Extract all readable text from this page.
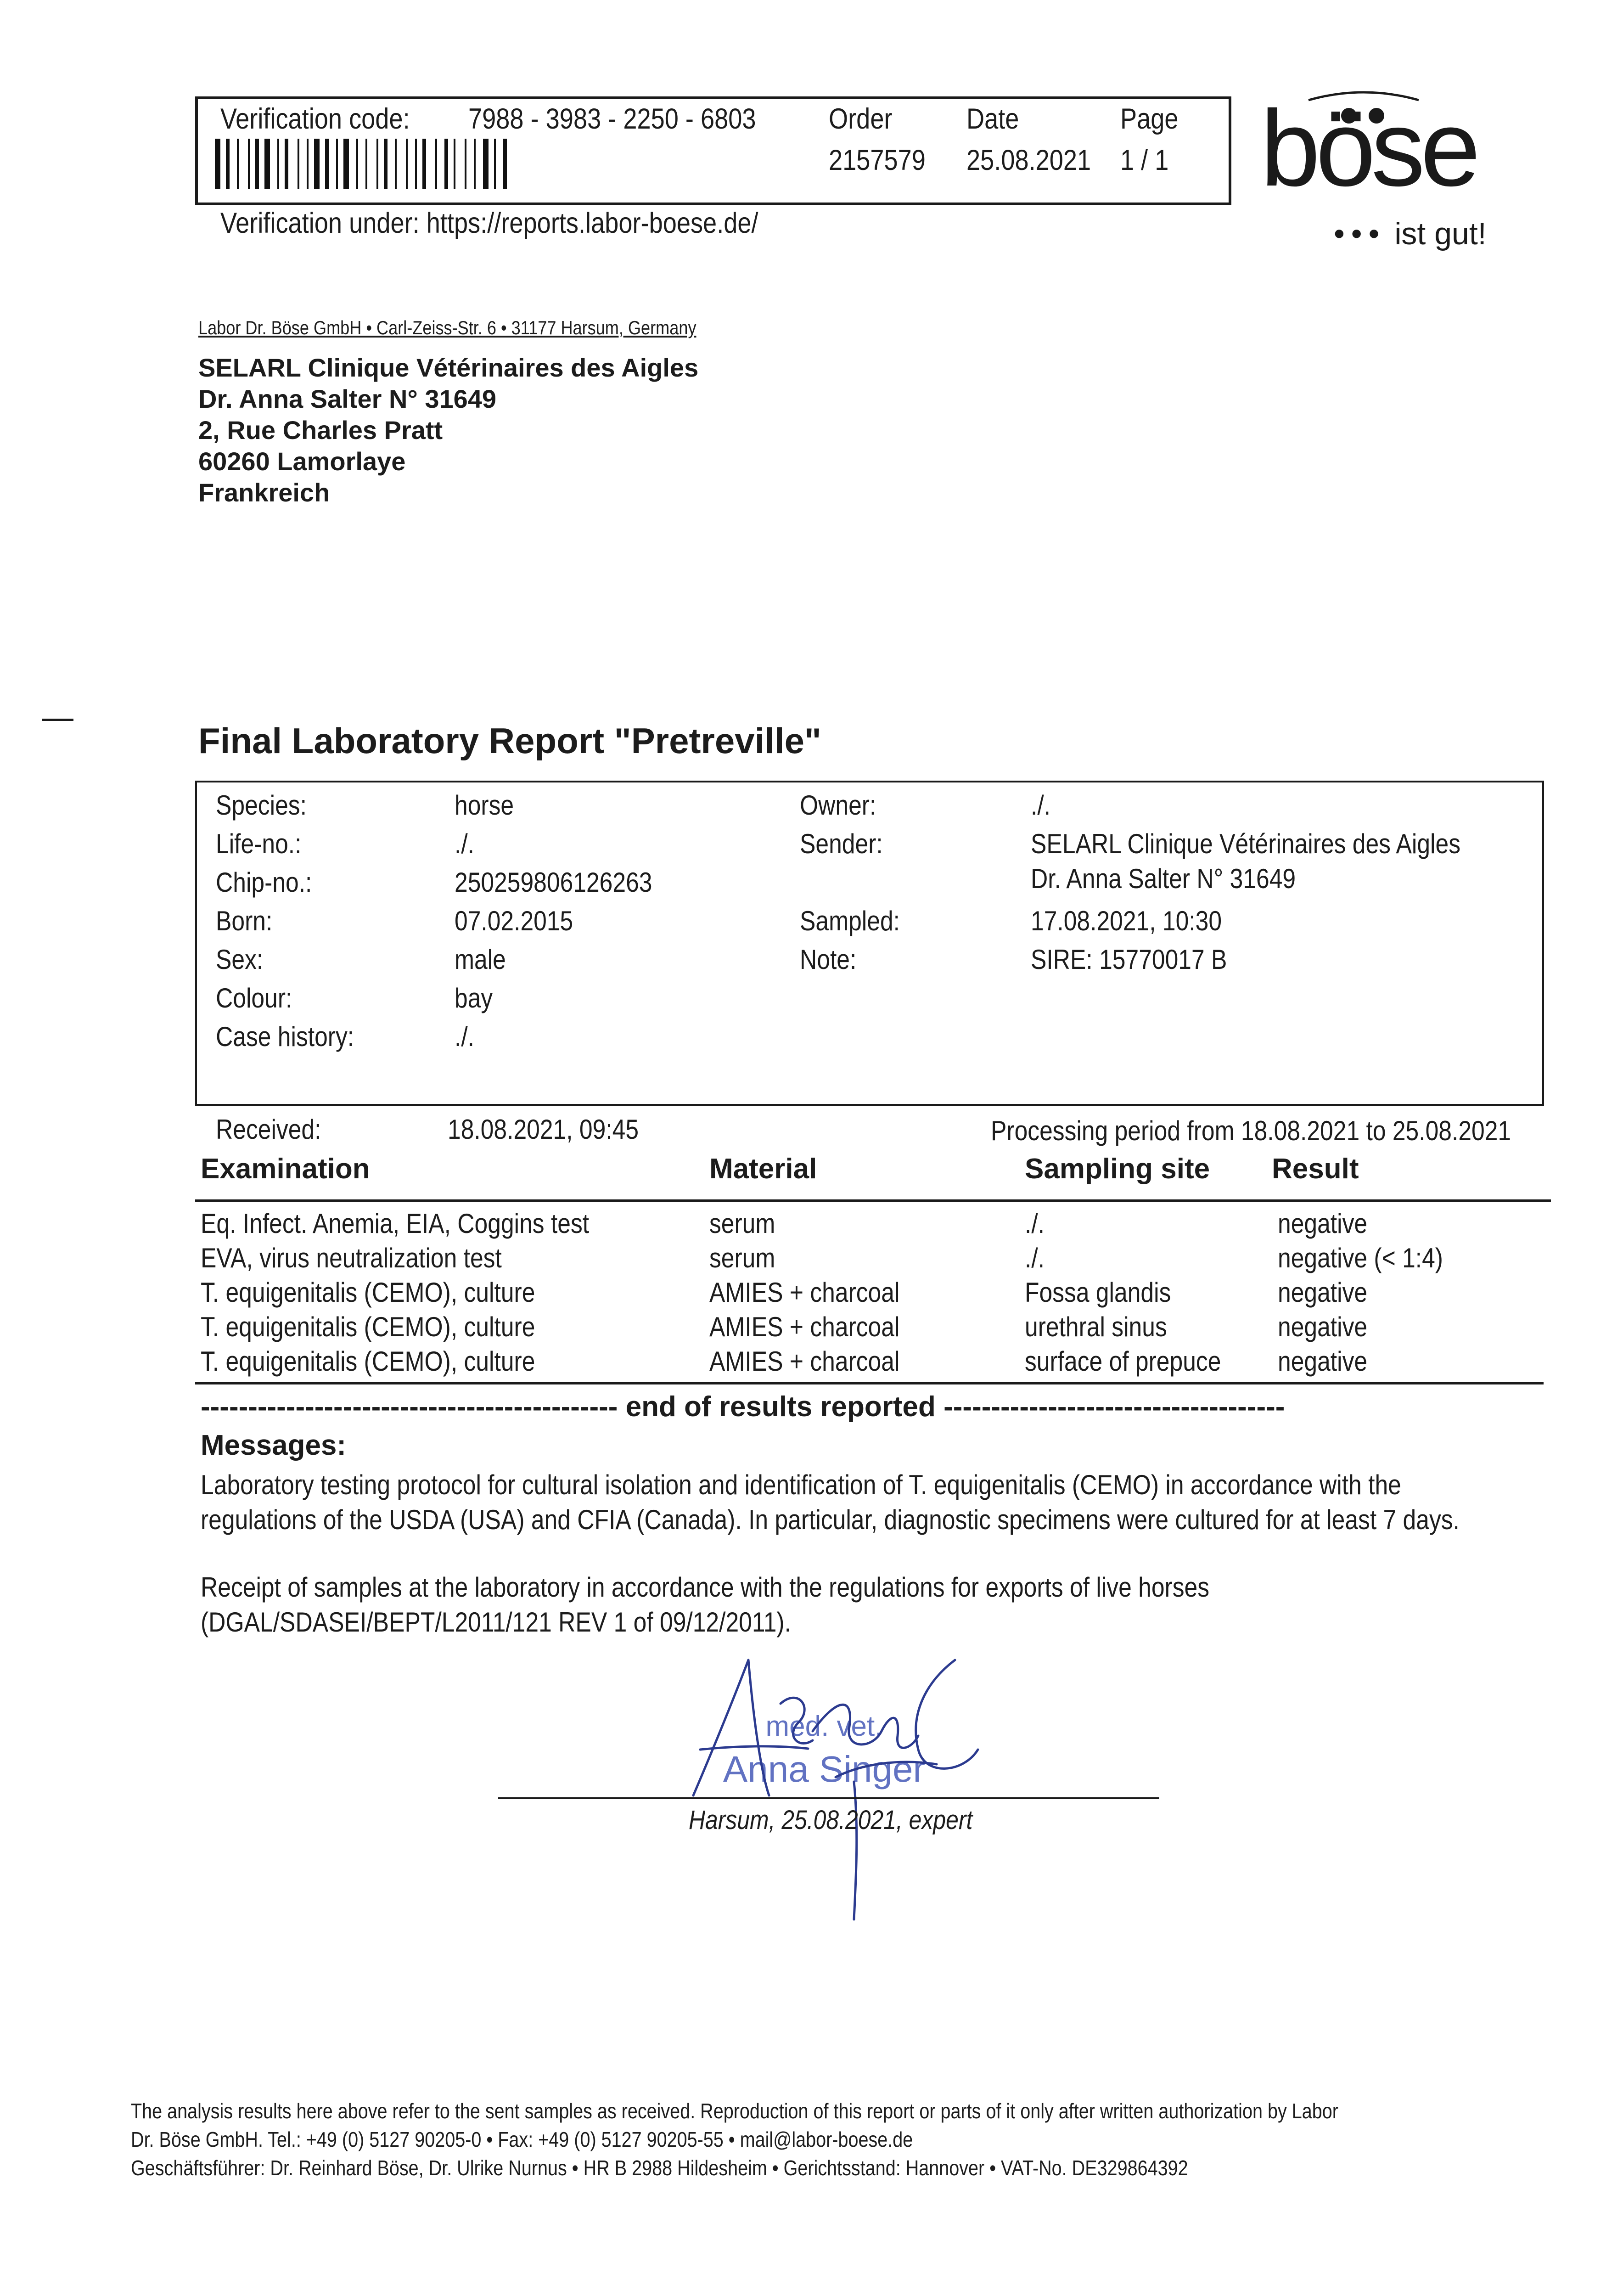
Verification code: 7988 - 3983 - 2250 - 6803	Order
2157579
Date
25.08.2021
Page
1 / 1
Verification under: https://reports.labor-boese.de/
böse
••• ist gut!
Labor Dr. Böse GmbH • Carl-Zeiss-Str. 6 • 31177 Harsum, Germany
SELARL Clinique Vétérinaires des Aigles
Dr. Anna Salter N° 31649
2, Rue Charles Pratt
60260 Lamorlaye
Frankreich
Final Laboratory Report "Pretreville"
Species:	horse
Life-no.:	./.
Chip-no.:	250259806126263
Born:	07.02.2015
Sex:	male
Colour:	bay
Case history:	./.
Owner:	./.
Sender:	SELARL Clinique Vétérinaires des Aigles
Dr. Anna Salter N° 31649
Sampled:	17.08.2021, 10:30
Note:	SIRE: 15770017 B
Received:	18.08.2021, 09:45	Processing period from 18.08.2021 to 25.08.2021
Examination	Material	Sampling site Result
Eq. Infect. Anemia, EIA, Coggins test	serum	./.	negative
EVA, virus neutralization test	serum	./.	negative (< 1:4)
T. equigenitalis (CEMO), culture	AMIES + charcoal	Fossa glandis	negative
T. equigenitalis (CEMO), culture	AMIES + charcoal	urethral sinus	negative
T. equigenitalis (CEMO), culture	AMIES + charcoal	surface of prepuce negative
-------------------------------------------- end of results reported ------------------------------------
Messages:
Laboratory testing protocol for cultural isolation and identification of T. equigenitalis (CEMO) in accordance with the
regulations of the USDA (USA) and CFIA (Canada). In particular, diagnostic specimens were cultured for at least 7 days.
Receipt of samples at the laboratory in accordance with the regulations for exports of live horses
(DGAL/SDASEI/BEPT/L2011/121 REV 1 of 09/12/2011).
med. vet.
Anna Singer
Harsum, 25.08.2021, expert
The analysis results here above refer to the sent samples as received. Reproduction of this report or parts of it only after written authorization by Labor
Dr. Böse GmbH. Tel.: +49 (0) 5127 90205-0 • Fax: +49 (0) 5127 90205-55 • mail@labor-boese.de
Geschäftsführer: Dr. Reinhard Böse, Dr. Ulrike Nurnus • HR B 2988 Hildesheim • Gerichtsstand: Hannover • VAT-No. DE329864392
